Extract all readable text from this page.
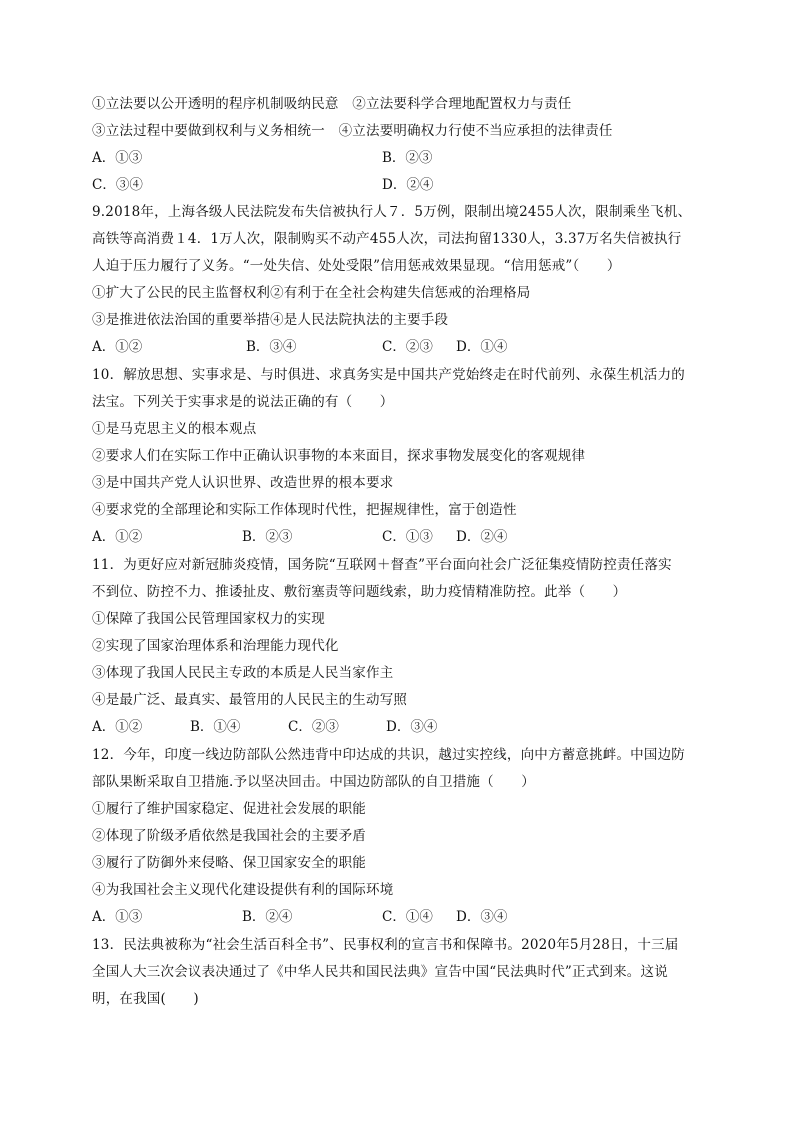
①立法要以公开透明的程序机制吸纳民意　②立法要科学合理地配置权力与责任
③立法过程中要做到权利与义务相统一　④立法要明确权力行使不当应承担的法律责任
A．①③	B．②③
C．③④	D．②④
9.2018年，上海各级人民法院发布失信被执行人７．5万例，限制出境2455人次，限制乘坐飞机、
高铁等高消费１4．1万人次，限制购买不动产455人次，司法拘留1330人，3.37万名失信被执行
人迫于压力履行了义务。“一处失信、处处受限”信用惩戒效果显现。“信用惩戒”（　　）
①扩大了公民的民主监督权利②有利于在全社会构建失信惩戒的治理格局
③是推进依法治国的重要举措④是人民法院执法的主要手段
A．①②	B．③④	C．②③ D．①④
10．解放思想、实事求是、与时俱进、求真务实是中国共产党始终走在时代前列、永葆生机活力的
法宝。下列关于实事求是的说法正确的有（　　）
①是马克思主义的根本观点
②要求人们在实际工作中正确认识事物的本来面目，探求事物发展变化的客观规律
③是中国共产党人认识世界、改造世界的根本要求
④要求党的全部理论和实际工作体现时代性，把握规律性，富于创造性
A．①②	B．②③	C．①③ D．②④
11．为更好应对新冠肺炎疫情，国务院“互联网＋督查”平台面向社会广泛征集疫情防控责任落实
不到位、防控不力、推诿扯皮、敷衍塞责等问题线索，助力疫情精准防控。此举（　　）
①保障了我国公民管理国家权力的实现
②实现了国家治理体系和治理能力现代化
③体现了我国人民民主专政的本质是人民当家作主
④是最广泛、最真实、最管用的人民民主的生动写照
A．①②	B．①④	C．②③	D．③④
12．今年，印度一线边防部队公然违背中印达成的共识，越过实控线，向中方蓄意挑衅。中国边防
部队果断采取自卫措施.予以坚决回击。中国边防部队的自卫措施（　　）
①履行了维护国家稳定、促进社会发展的职能
②体现了阶级矛盾依然是我国社会的主要矛盾
③履行了防御外来侵略、保卫国家安全的职能
④为我国社会主义现代化建设提供有利的国际环境
A．①③	B．②④	C．①④ D．③④
13．民法典被称为“社会生活百科全书”、民事权利的宣言书和保障书。2020年5月28日，十三届
全国人大三次会议表决通过了《中华人民共和国民法典》宣告中国“民法典时代”正式到来。这说
明，在我国(　　)
